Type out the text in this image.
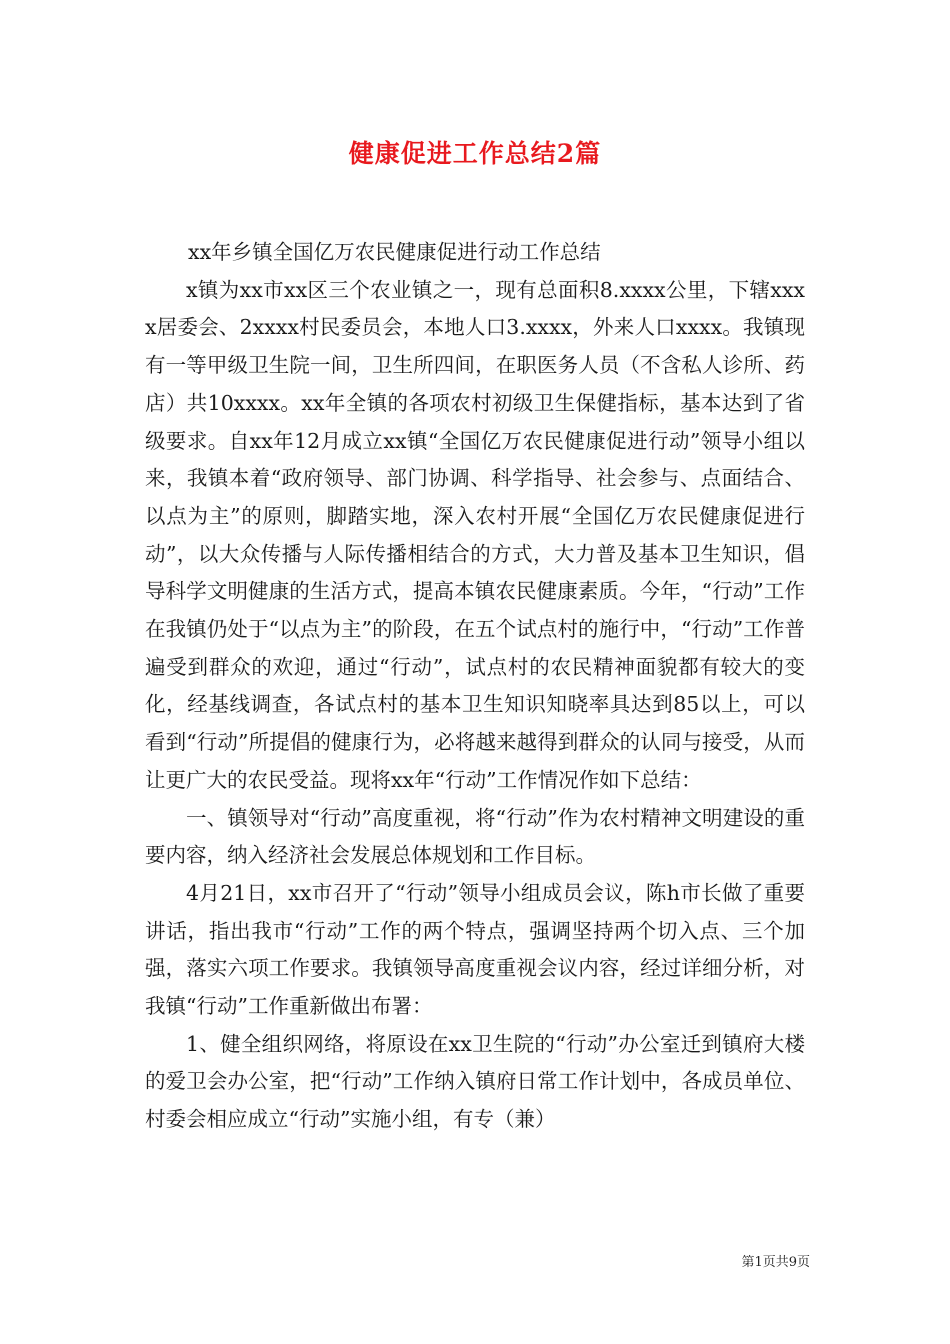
健康促进工作总结2篇

xx年乡镇全国亿万农民健康促进行动工作总结

x镇为xx市xx区三个农业镇之一，现有总面积8.xxxx公里，下辖xxxx居委会、2xxxx村民委员会，本地人口3.xxxx，外来人口xxxx。我镇现有一等甲级卫生院一间，卫生所四间，在职医务人员（不含私人诊所、药店）共10xxxx。xx年全镇的各项农村初级卫生保健指标，基本达到了省级要求。自xx年12月成立xx镇“全国亿万农民健康促进行动”领导小组以来，我镇本着“政府领导、部门协调、科学指导、社会参与、点面结合、以点为主”的原则，脚踏实地，深入农村开展“全国亿万农民健康促进行动”，以大众传播与人际传播相结合的方式，大力普及基本卫生知识，倡导科学文明健康的生活方式，提高本镇农民健康素质。今年，“行动”工作在我镇仍处于“以点为主”的阶段，在五个试点村的施行中，“行动”工作普遍受到群众的欢迎，通过“行动”，试点村的农民精神面貌都有较大的变化，经基线调查，各试点村的基本卫生知识知晓率具达到85以上，可以看到“行动”所提倡的健康行为，必将越来越得到群众的认同与接受，从而让更广大的农民受益。现将xx年“行动”工作情况作如下总结：

一、镇领导对“行动”高度重视，将“行动”作为农村精神文明建设的重要内容，纳入经济社会发展总体规划和工作目标。

4月21日，xx市召开了“行动”领导小组成员会议，陈h市长做了重要讲话，指出我市“行动”工作的两个特点，强调坚持两个切入点、三个加强，落实六项工作要求。我镇领导高度重视会议内容，经过详细分析，对我镇“行动”工作重新做出布署：

1、健全组织网络，将原设在xx卫生院的“行动”办公室迁到镇府大楼的爱卫会办公室，把“行动”工作纳入镇府日常工作计划中，各成员单位、村委会相应成立“行动”实施小组，有专（兼）

第1页共9页
